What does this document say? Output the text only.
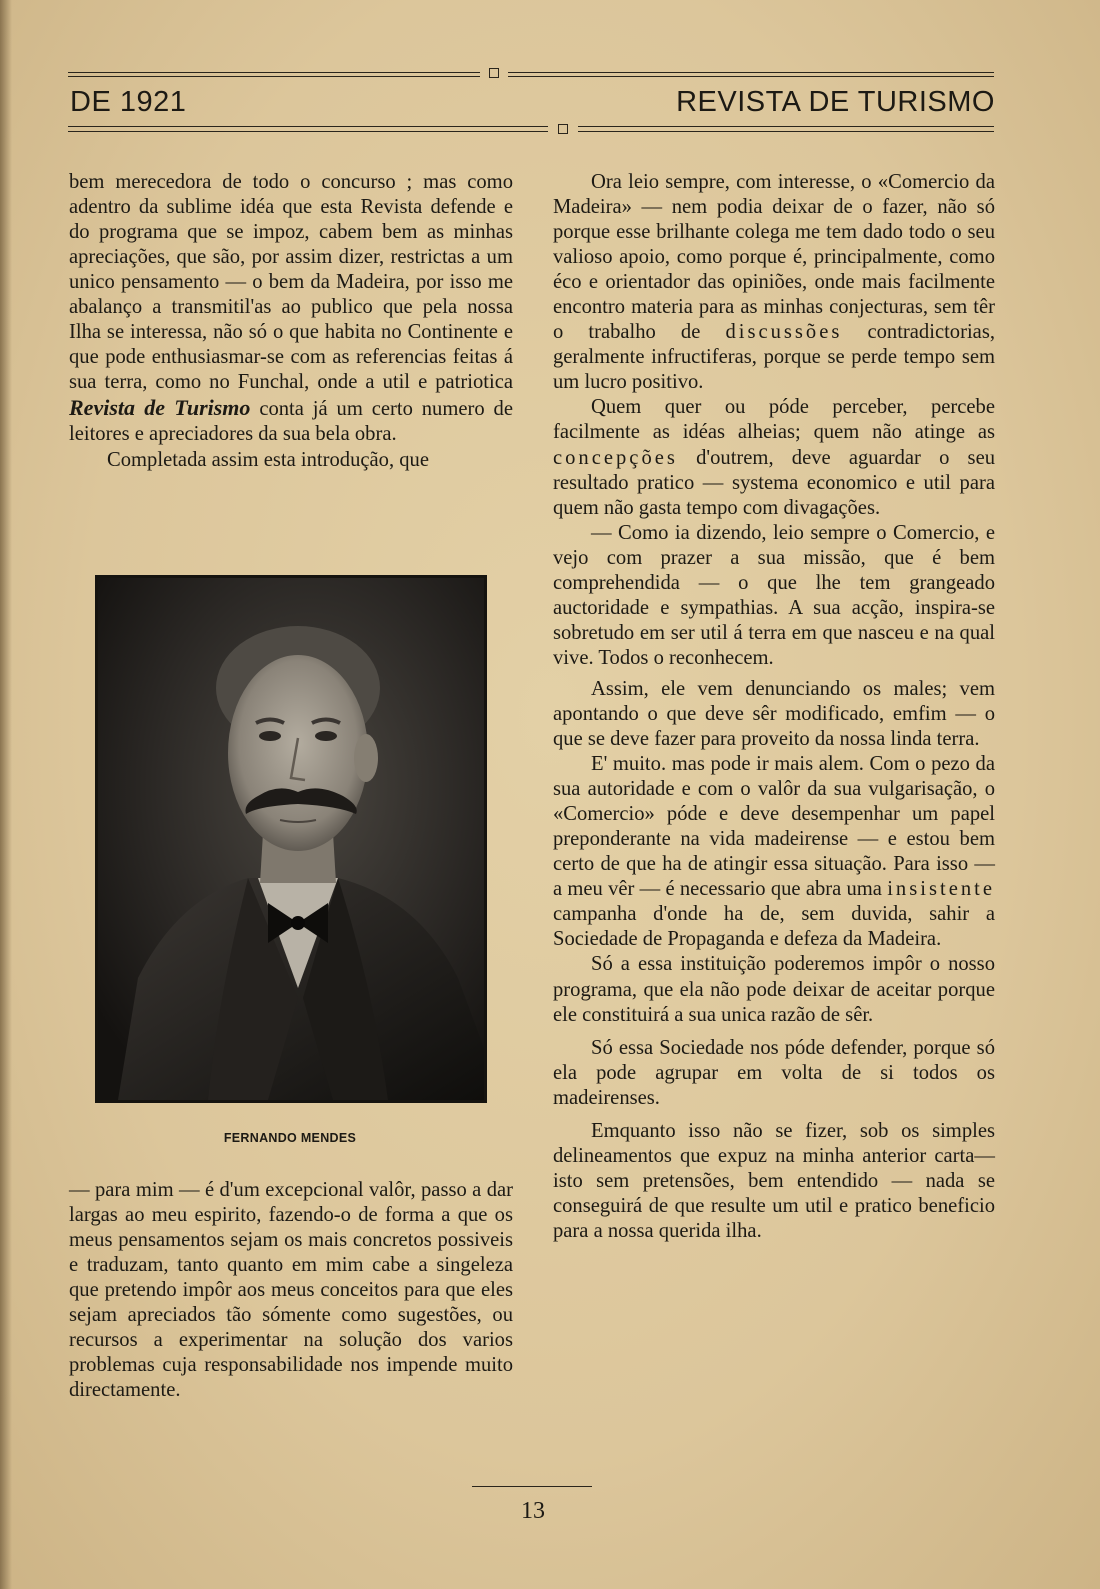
DE 1921	REVISTA DE TURISMO

bem merecedora de todo o concurso ; mas como adentro da sublime idéa que esta Revista defende e do programa que se impoz, cabem bem as minhas apreciações, que são, por assim dizer, restrictas a um unico pensamento — o bem da Madeira, por isso me abalanço a transmitil'as ao publico que pela nossa Ilha se interessa, não só o que habita no Continente e que pode enthusiasmar-se com as referencias feitas á sua terra, como no Funchal, onde a util e patriotica Revista de Turismo conta já um certo numero de leitores e apreciadores da sua bela obra.

Completada assim esta introdução, que

FERNANDO MENDES

— para mim — é d'um excepcional valôr, passo a dar largas ao meu espirito, fazendo-o de forma a que os meus pensamentos sejam os mais concretos possiveis e traduzam, tanto quanto em mim cabe a singeleza que pretendo impôr aos meus conceitos para que eles sejam apreciados tão sómente como sugestões, ou recursos a experimentar na solução dos varios problemas cuja responsabilidade nos impende muito directamente.

Ora leio sempre, com interesse, o «Comercio da Madeira» — nem podia deixar de o fazer, não só porque esse brilhante colega me tem dado todo o seu valioso apoio, como porque é, principalmente, como éco e orientador das opiniões, onde mais facilmente encontro materia para as minhas conjecturas, sem têr o trabalho de discussões contradictorias, geralmente infructiferas, porque se perde tempo sem um lucro positivo.

Quem quer ou póde perceber, percebe facilmente as idéas alheias; quem não atinge as concepções d'outrem, deve aguardar o seu resultado pratico — systema economico e util para quem não gasta tempo com divagações.

— Como ia dizendo, leio sempre o Comercio, e vejo com prazer a sua missão, que é bem comprehendida — o que lhe tem grangeado auctoridade e sympathias. A sua acção, inspira-se sobretudo em ser util á terra em que nasceu e na qual vive. Todos o reconhecem.

Assim, ele vem denunciando os males; vem apontando o que deve sêr modificado, emfim — o que se deve fazer para proveito da nossa linda terra.

E' muito. mas pode ir mais alem. Com o pezo da sua autoridade e com o valôr da sua vulgarisação, o «Comercio» póde e deve desempenhar um papel preponderante na vida madeirense — e estou bem certo de que ha de atingir essa situação. Para isso — a meu vêr — é necessario que abra uma insistente campanha d'onde ha de, sem duvida, sahir a Sociedade de Propaganda e defeza da Madeira.

Só a essa instituição poderemos impôr o nosso programa, que ela não pode deixar de aceitar porque ele constituirá a sua unica razão de sêr.

Só essa Sociedade nos póde defender, porque só ela pode agrupar em volta de si todos os madeirenses.

Emquanto isso não se fizer, sob os simples delineamentos que expuz na minha anterior carta—isto sem pretensões, bem entendido — nada se conseguirá de que resulte um util e pratico beneficio para a nossa querida ilha.

13
